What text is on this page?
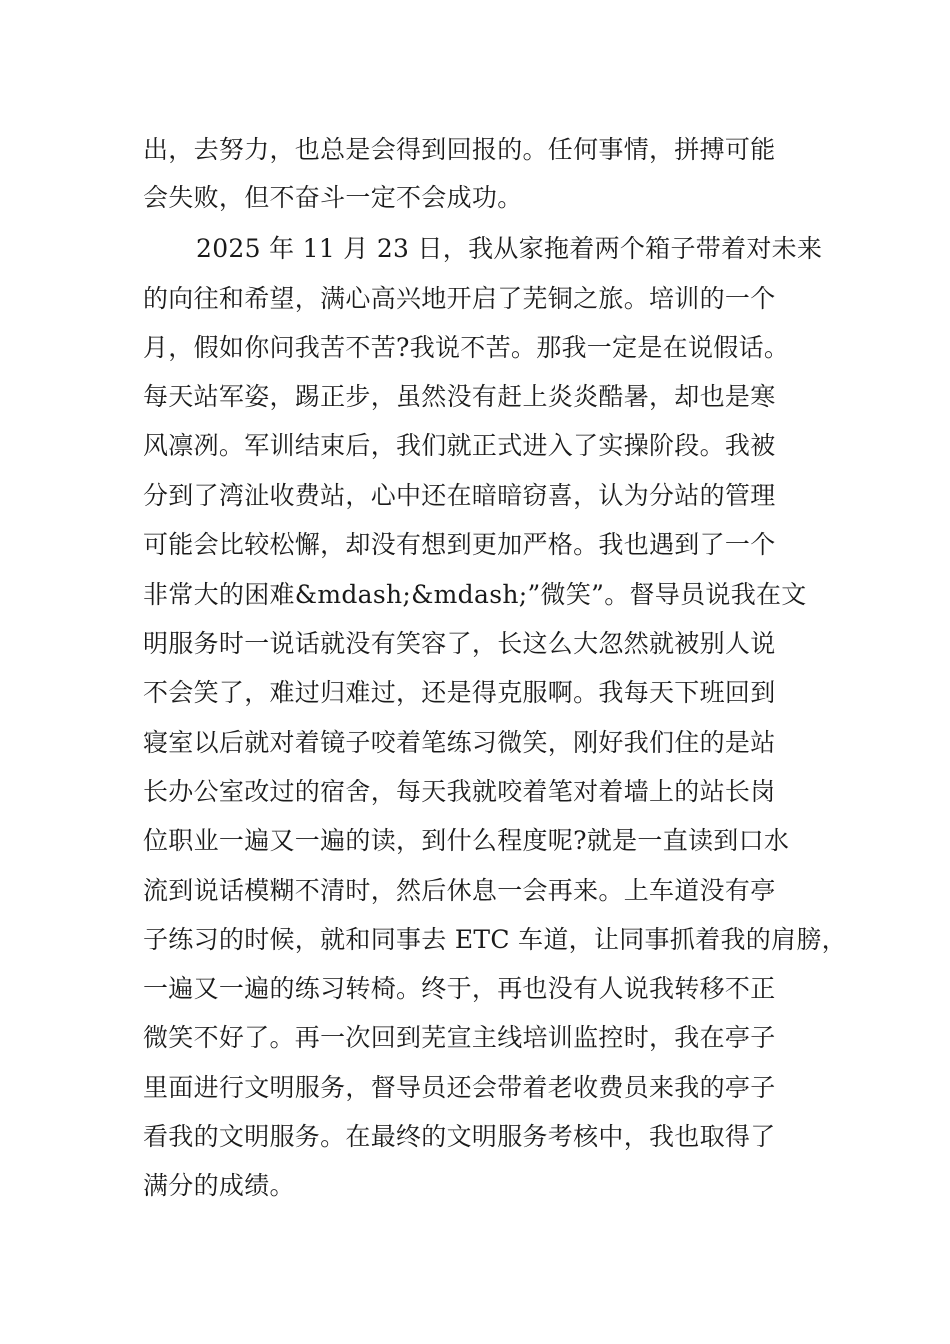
出，去努力，也总是会得到回报的。任何事情，拼搏可能
会失败，但不奋斗一定不会成功。
2025 年 11 月 23 日，我从家拖着两个箱子带着对未来
的向往和希望，满心高兴地开启了芜铜之旅。培训的一个
月，假如你问我苦不苦?我说不苦。那我一定是在说假话。
每天站军姿，踢正步，虽然没有赶上炎炎酷暑，却也是寒
风凛冽。军训结束后，我们就正式进入了实操阶段。我被
分到了湾沚收费站，心中还在暗暗窃喜，认为分站的管理
可能会比较松懈，却没有想到更加严格。我也遇到了一个
非常大的困难&mdash;&mdash;”微笑”。督导员说我在文
明服务时一说话就没有笑容了，长这么大忽然就被别人说
不会笑了，难过归难过，还是得克服啊。我每天下班回到
寝室以后就对着镜子咬着笔练习微笑，刚好我们住的是站
长办公室改过的宿舍，每天我就咬着笔对着墙上的站长岗
位职业一遍又一遍的读，到什么程度呢?就是一直读到口水
流到说话模糊不清时，然后休息一会再来。上车道没有亭
子练习的时候，就和同事去 ETC 车道，让同事抓着我的肩膀，
一遍又一遍的练习转椅。终于，再也没有人说我转移不正
微笑不好了。再一次回到芜宣主线培训监控时，我在亭子
里面进行文明服务，督导员还会带着老收费员来我的亭子
看我的文明服务。在最终的文明服务考核中，我也取得了
满分的成绩。
